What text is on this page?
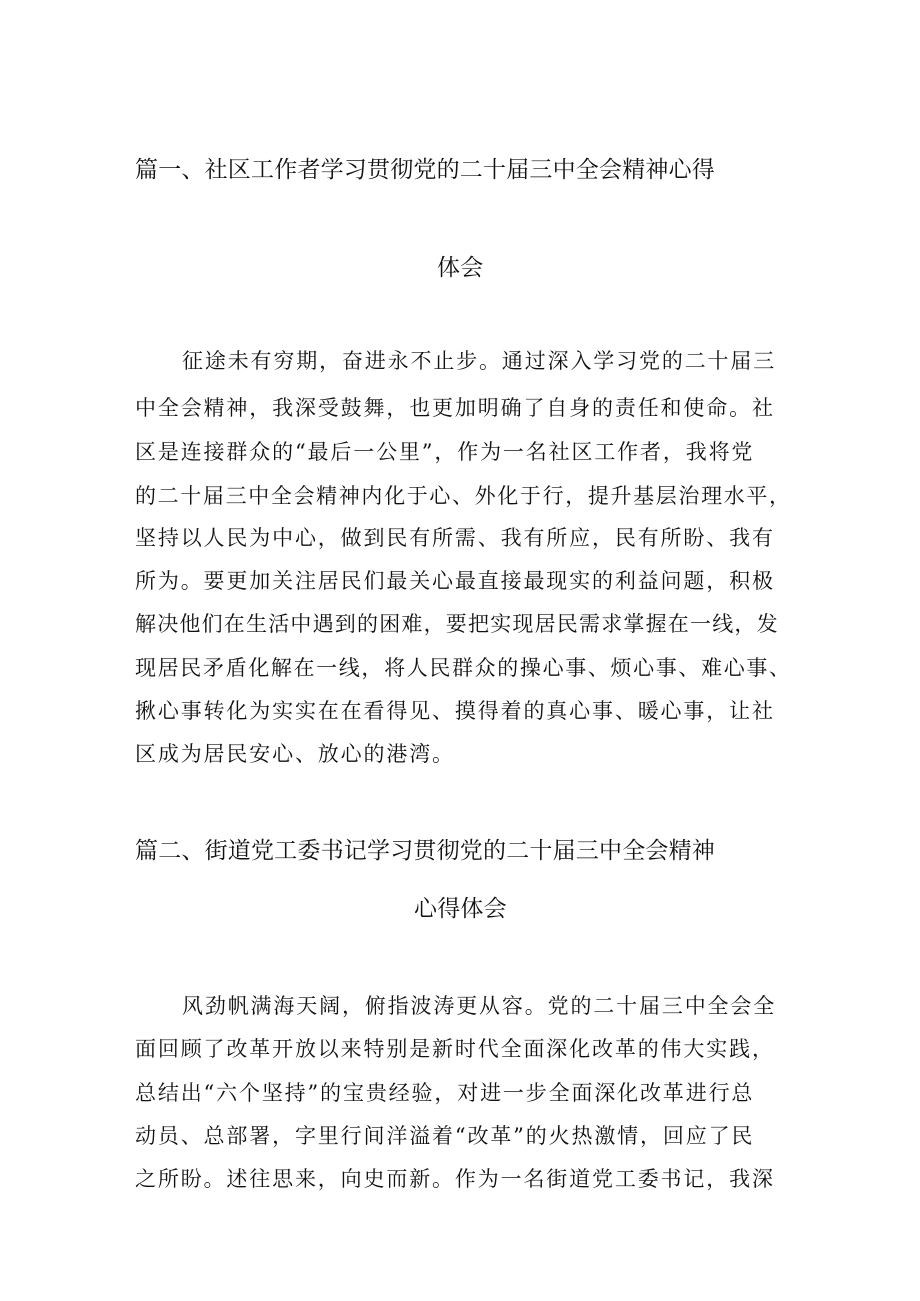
篇一、社区工作者学习贯彻党的二十届三中全会精神心得
体会
征途未有穷期，奋进永不止步。通过深入学习党的二十届三
中全会精神，我深受鼓舞，也更加明确了自身的责任和使命。社
区是连接群众的“最后一公里”，作为一名社区工作者，我将党
的二十届三中全会精神内化于心、外化于行，提升基层治理水平，
坚持以人民为中心，做到民有所需、我有所应，民有所盼、我有
所为。要更加关注居民们最关心最直接最现实的利益问题，积极
解决他们在生活中遇到的困难，要把实现居民需求掌握在一线，发
现居民矛盾化解在一线，将人民群众的操心事、烦心事、难心事、
揪心事转化为实实在在看得见、摸得着的真心事、暖心事，让社
区成为居民安心、放心的港湾。
篇二、街道党工委书记学习贯彻党的二十届三中全会精神
心得体会
风劲帆满海天阔，俯指波涛更从容。党的二十届三中全会全
面回顾了改革开放以来特别是新时代全面深化改革的伟大实践，
总结出“六个坚持”的宝贵经验，对进一步全面深化改革进行总
动员、总部署，字里行间洋溢着“改革”的火热激情，回应了民
之所盼。述往思来，向史而新。作为一名街道党工委书记，我深
